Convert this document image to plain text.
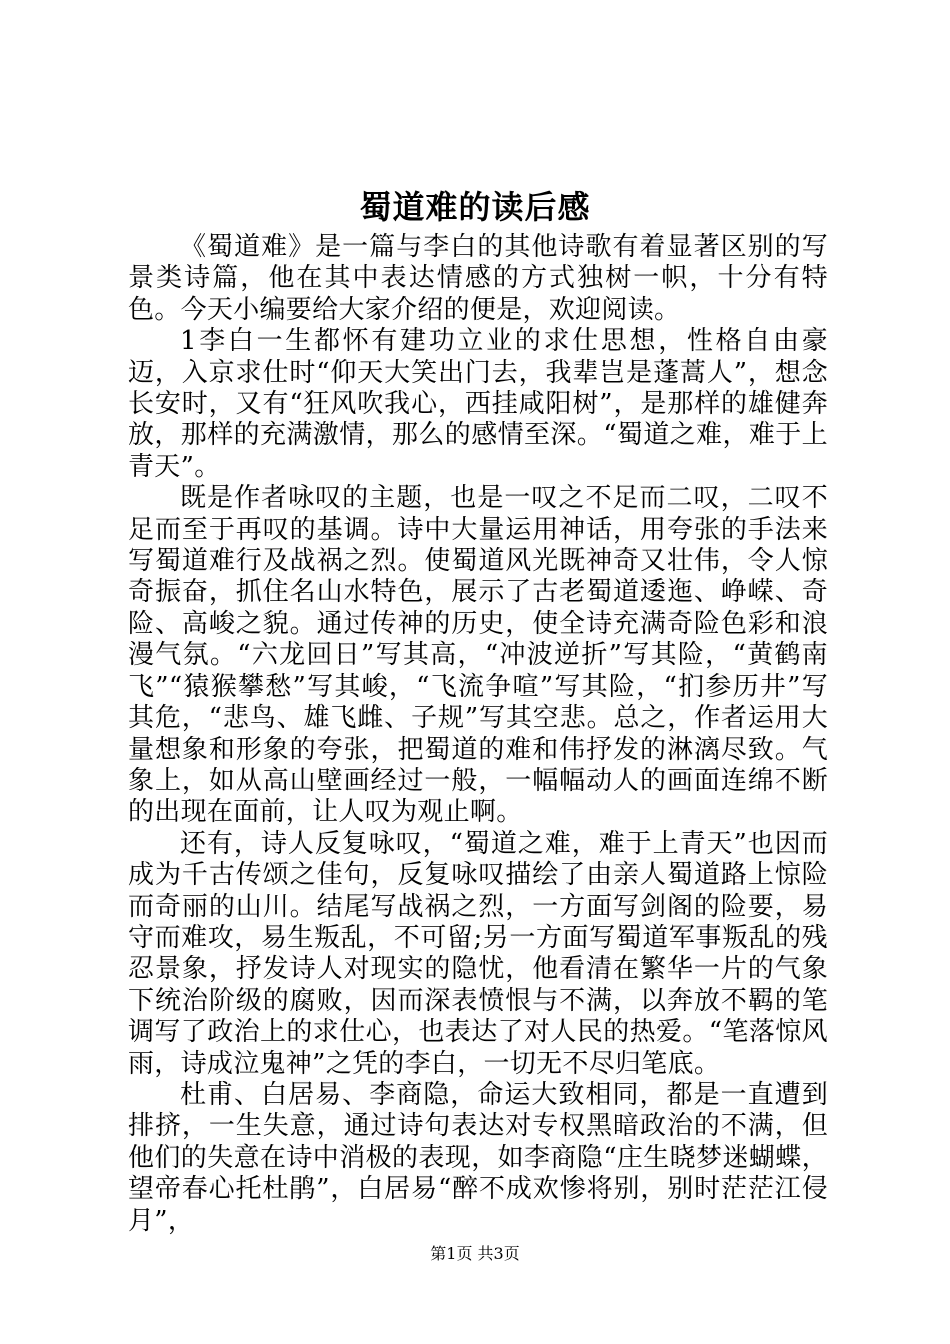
蜀道难的读后感

《蜀道难》是一篇与李白的其他诗歌有着显著区别的写景类诗篇，他在其中表达情感的方式独树一帜，十分有特色。今天小编要给大家介绍的便是，欢迎阅读。

1李白一生都怀有建功立业的求仕思想，性格自由豪迈，入京求仕时“仰天大笑出门去，我辈岂是蓬蒿人”，想念长安时，又有“狂风吹我心，西挂咸阳树”，是那样的雄健奔放，那样的充满激情，那么的感情至深。“蜀道之难，难于上青天”。

既是作者咏叹的主题，也是一叹之不足而二叹，二叹不足而至于再叹的基调。诗中大量运用神话，用夸张的手法来写蜀道难行及战祸之烈。使蜀道风光既神奇又壮伟，令人惊奇振奋，抓住名山水特色，展示了古老蜀道逶迤、峥嵘、奇险、高峻之貌。通过传神的历史，使全诗充满奇险色彩和浪漫气氛。“六龙回日”写其高，“冲波逆折”写其险，“黄鹤南飞”“猿猴攀愁”写其峻，“飞流争喧”写其险，“扪参历井”写其危，“悲鸟、雄飞雌、子规”写其空悲。总之，作者运用大量想象和形象的夸张，把蜀道的难和伟抒发的淋漓尽致。气象上，如从高山壁画经过一般，一幅幅动人的画面连绵不断的出现在面前，让人叹为观止啊。

还有，诗人反复咏叹，“蜀道之难，难于上青天”也因而成为千古传颂之佳句，反复咏叹描绘了由亲人蜀道路上惊险而奇丽的山川。结尾写战祸之烈，一方面写剑阁的险要，易守而难攻，易生叛乱，不可留;另一方面写蜀道军事叛乱的残忍景象，抒发诗人对现实的隐忧，他看清在繁华一片的气象下统治阶级的腐败，因而深表愤恨与不满，以奔放不羁的笔调写了政治上的求仕心，也表达了对人民的热爱。“笔落惊风雨，诗成泣鬼神”之凭的李白，一切无不尽归笔底。

杜甫、白居易、李商隐，命运大致相同，都是一直遭到排挤，一生失意，通过诗句表达对专权黑暗政治的不满，但他们的失意在诗中消极的表现，如李商隐“庄生晓梦迷蝴蝶，望帝春心托杜鹃”，白居易“醉不成欢惨将别，别时茫茫江侵月”，

第1页 共3页
